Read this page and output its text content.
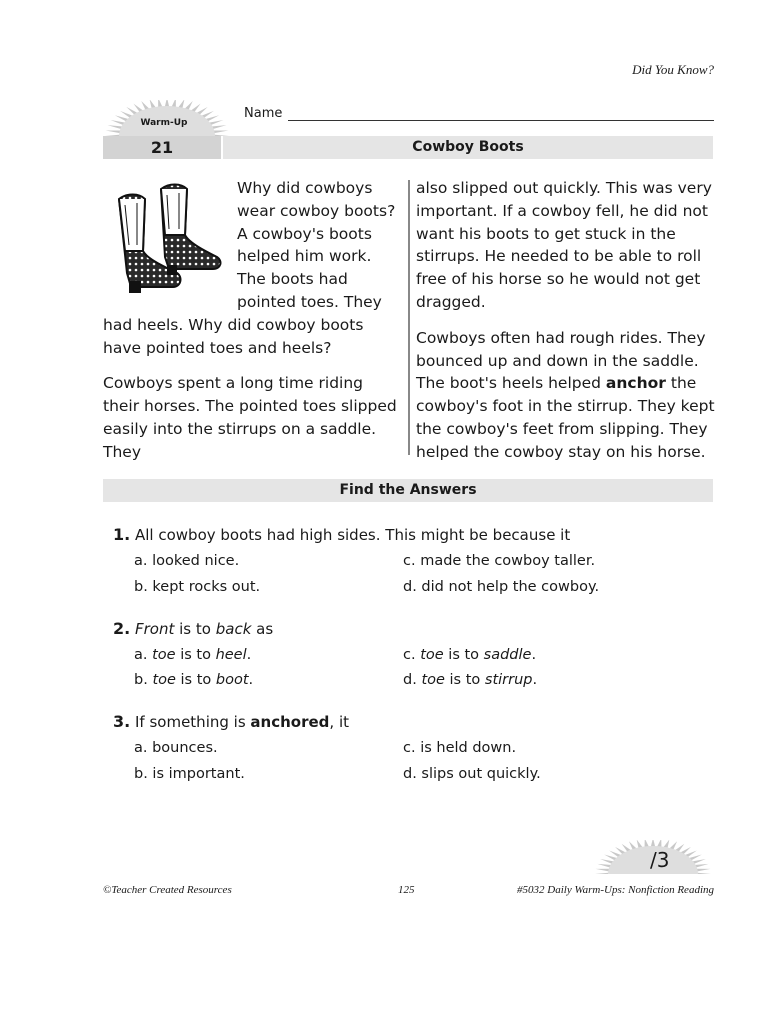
Did You Know?
Warm-Up
21
Name
Cowboy Boots

Why did cowboys wear cowboy boots? A cowboy's boots helped him work. The boots had pointed toes. They had heels. Why did cowboy boots have pointed toes and heels?

Cowboys spent a long time riding their horses. The pointed toes slipped easily into the stirrups on a saddle. They

also slipped out quickly. This was very important. If a cowboy fell, he did not want his boots to get stuck in the stirrups. He needed to be able to roll free of his horse so he would not get dragged.

Cowboys often had rough rides. They bounced up and down in the saddle. The boot's heels helped anchor the cowboy's foot in the stirrup. They kept the cowboy's feet from slipping. They helped the cowboy stay on his horse.

Find the Answers
1. All cowboy boots had high sides. This might be because it
a. looked nice.	c. made the cowboy taller.
b. kept rocks out.	d. did not help the cowboy.
2. Front is to back as
a. toe is to heel.	c. toe is to saddle.
b. toe is to boot.	d. toe is to stirrup.
3. If something is anchored, it
a. bounces.	c. is held down.
b. is important.	d. slips out quickly.
/3
©Teacher Created Resources	125	#5032 Daily Warm-Ups: Nonfiction Reading
